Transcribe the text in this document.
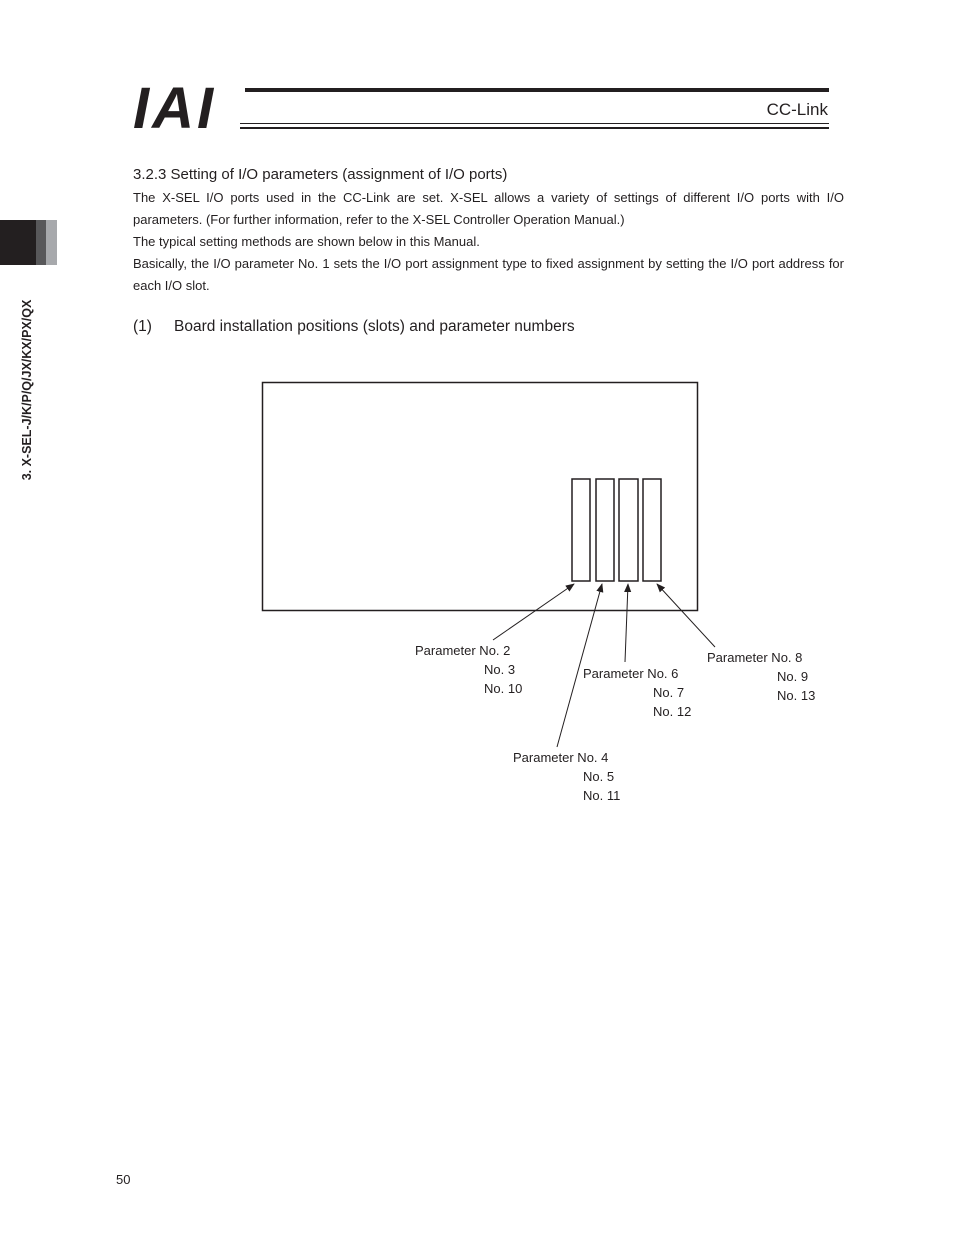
IAI	CC-Link
3. X-SEL-J/K/P/Q/JX/KX/PX/QX
3.2.3 Setting of I/O parameters (assignment of I/O ports)
The X-SEL I/O ports used in the CC-Link are set. X-SEL allows a variety of settings of different I/O ports with I/O parameters. (For further information, refer to the X-SEL Controller Operation Manual.)
The typical setting methods are shown below in this Manual.
Basically, the I/O parameter No. 1 sets the I/O port assignment type to fixed assignment by setting the I/O port address for each I/O slot.
(1) Board installation positions (slots) and parameter numbers
Parameter No. 2
No. 3
No. 10
Parameter No. 4
No. 5
No. 11
Parameter No. 6
No. 7
No. 12
Parameter No. 8
No. 9
No. 13
50
